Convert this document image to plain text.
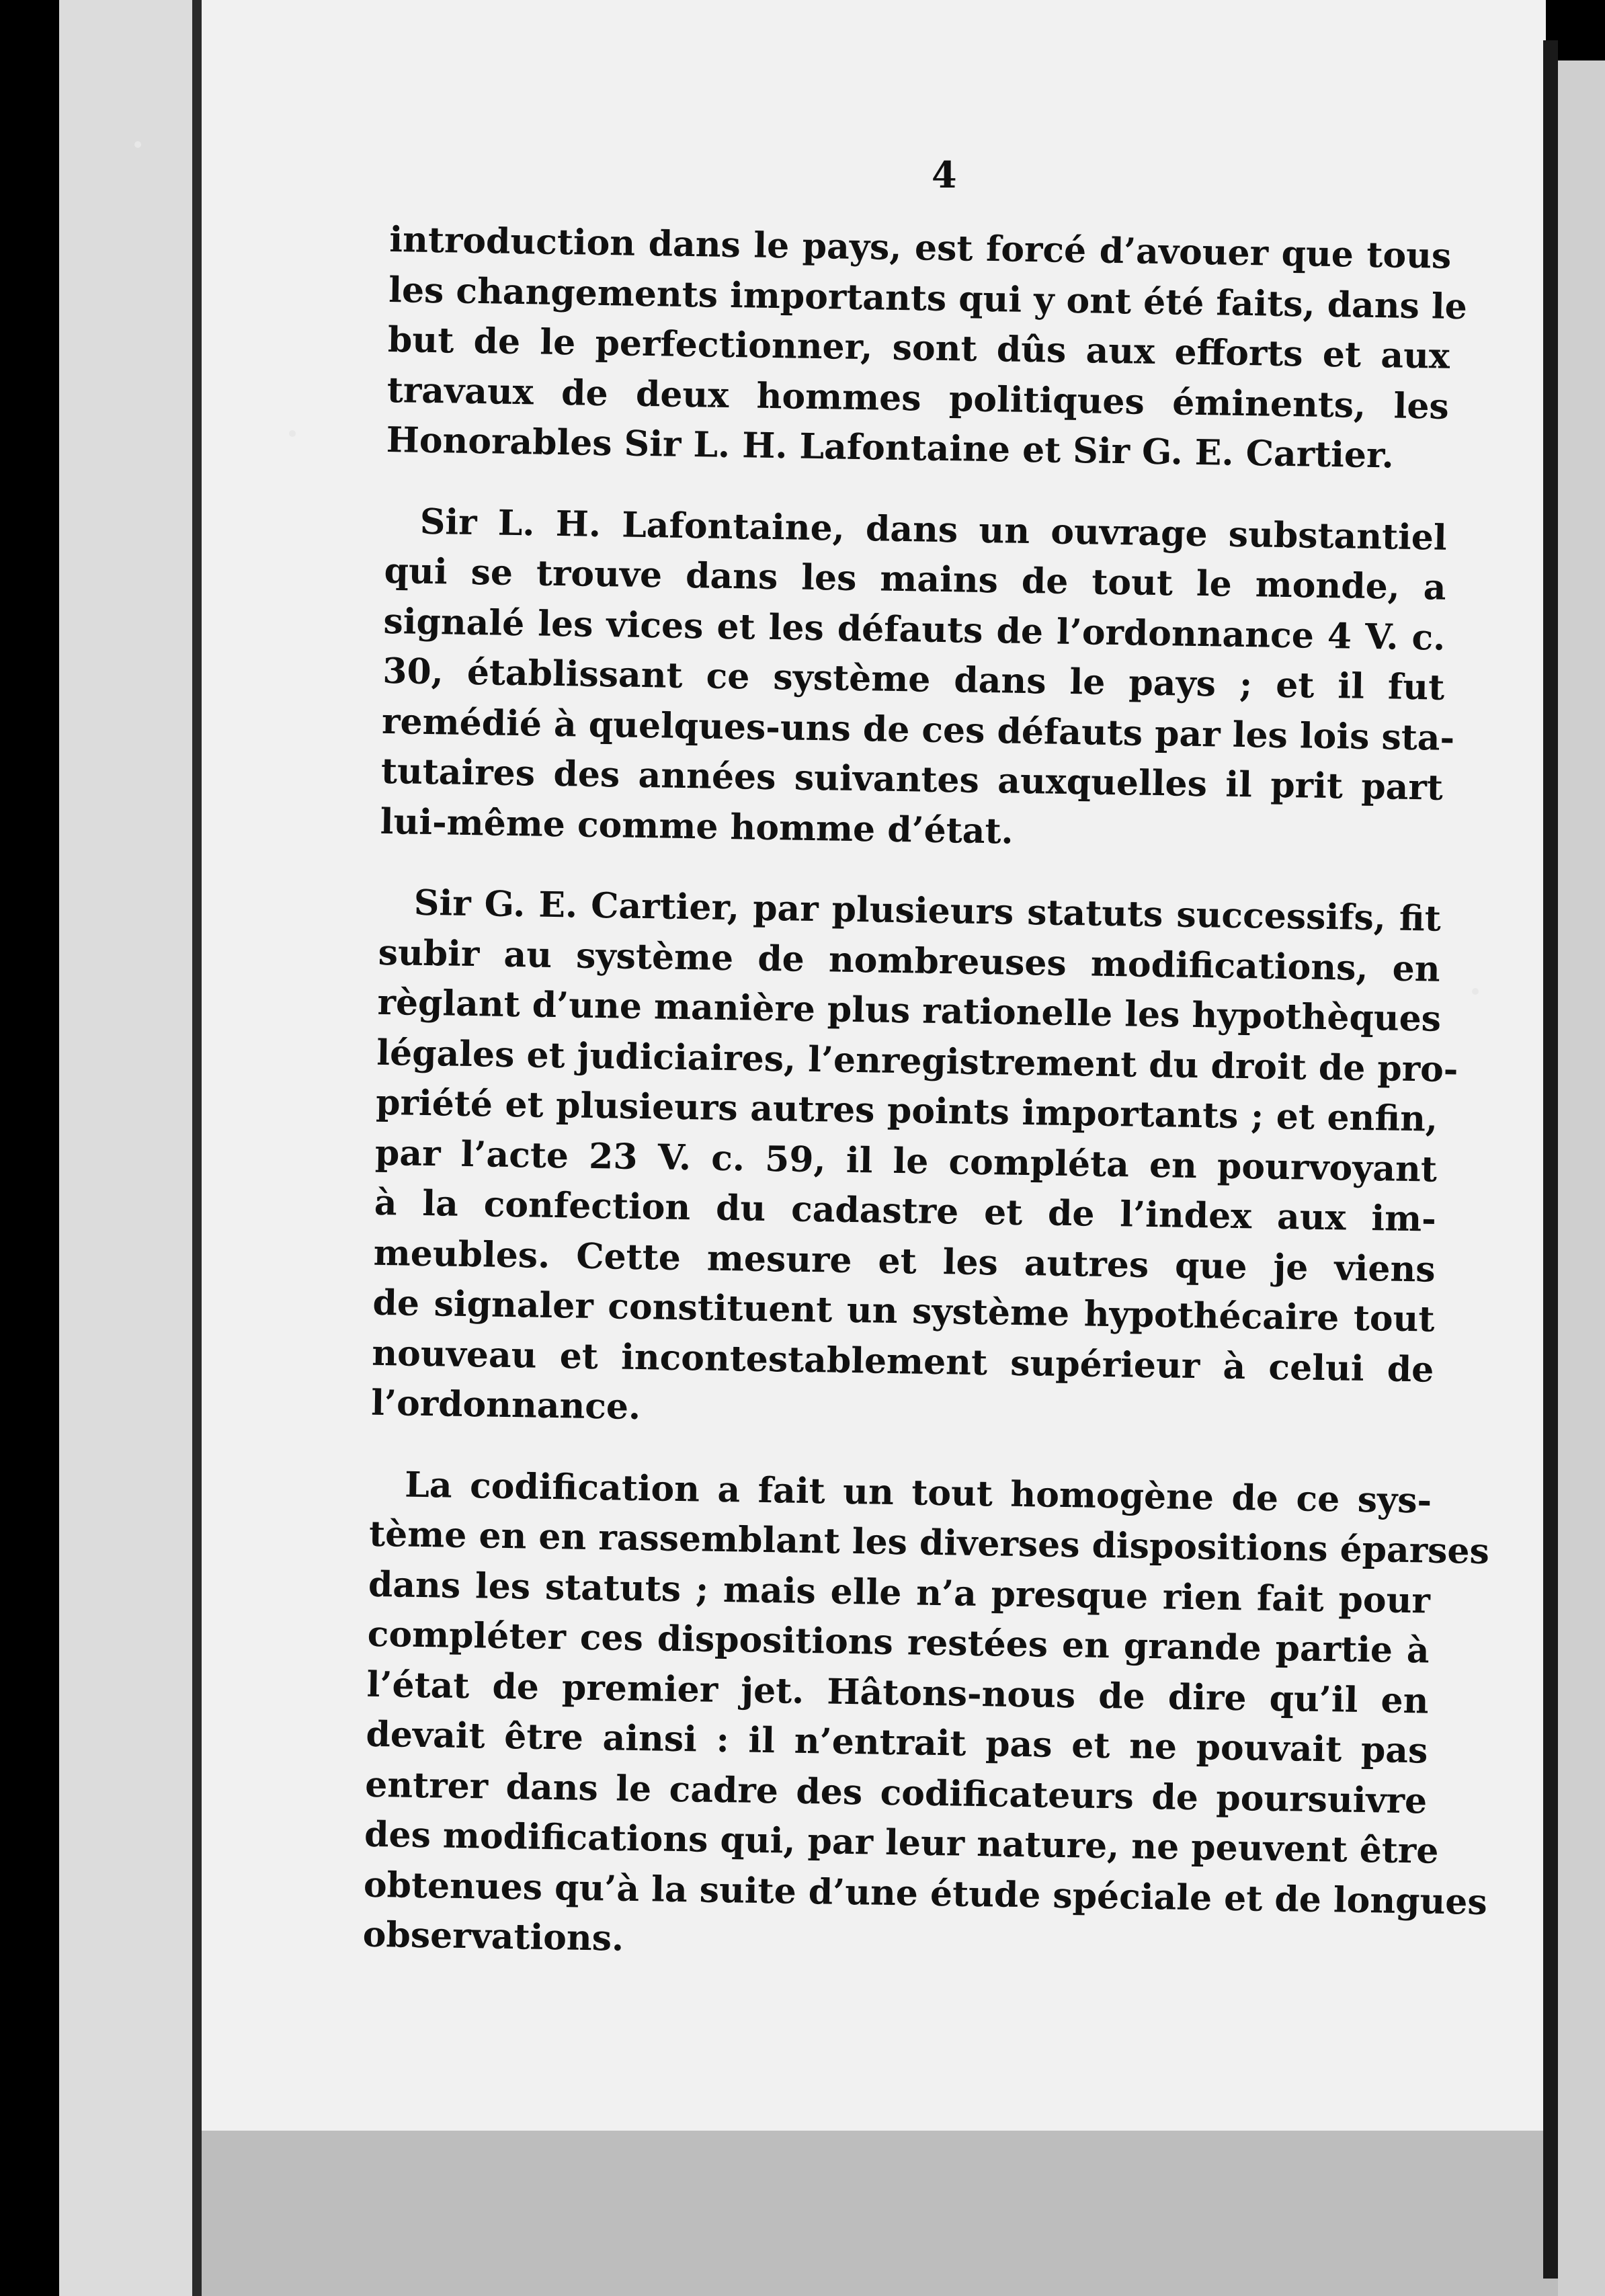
4

introduction dans le pays, est forcé d’avouer que tous
les changements importants qui y ont été faits, dans le
but de le perfectionner, sont dûs aux efforts et aux
travaux de deux hommes politiques éminents, les
Honorables Sir L. H. Lafontaine et Sir G. E. Cartier.

Sir L. H. Lafontaine, dans un ouvrage substantiel
qui se trouve dans les mains de tout le monde, a
signalé les vices et les défauts de l’ordonnance 4 V. c.
30, établissant ce système dans le pays ; et il fut
remédié à quelques-uns de ces défauts par les lois sta-
tutaires des années suivantes auxquelles il prit part
lui-même comme homme d’état.

Sir G. E. Cartier, par plusieurs statuts successifs, fit
subir au système de nombreuses modifications, en
règlant d’une manière plus rationelle les hypothèques
légales et judiciaires, l’enregistrement du droit de pro-
priété et plusieurs autres points importants ; et enfin,
par l’acte 23 V. c. 59, il le compléta en pourvoyant
à la confection du cadastre et de l’index aux im-
meubles. Cette mesure et les autres que je viens
de signaler constituent un système hypothécaire tout
nouveau et incontestablement supérieur à celui de
l’ordonnance.

La codification a fait un tout homogène de ce sys-
tème en en rassemblant les diverses dispositions éparses
dans les statuts ; mais elle n’a presque rien fait pour
compléter ces dispositions restées en grande partie à
l’état de premier jet. Hâtons-nous de dire qu’il en
devait être ainsi : il n’entrait pas et ne pouvait pas
entrer dans le cadre des codificateurs de poursuivre
des modifications qui, par leur nature, ne peuvent être
obtenues qu’à la suite d’une étude spéciale et de longues
observations.
